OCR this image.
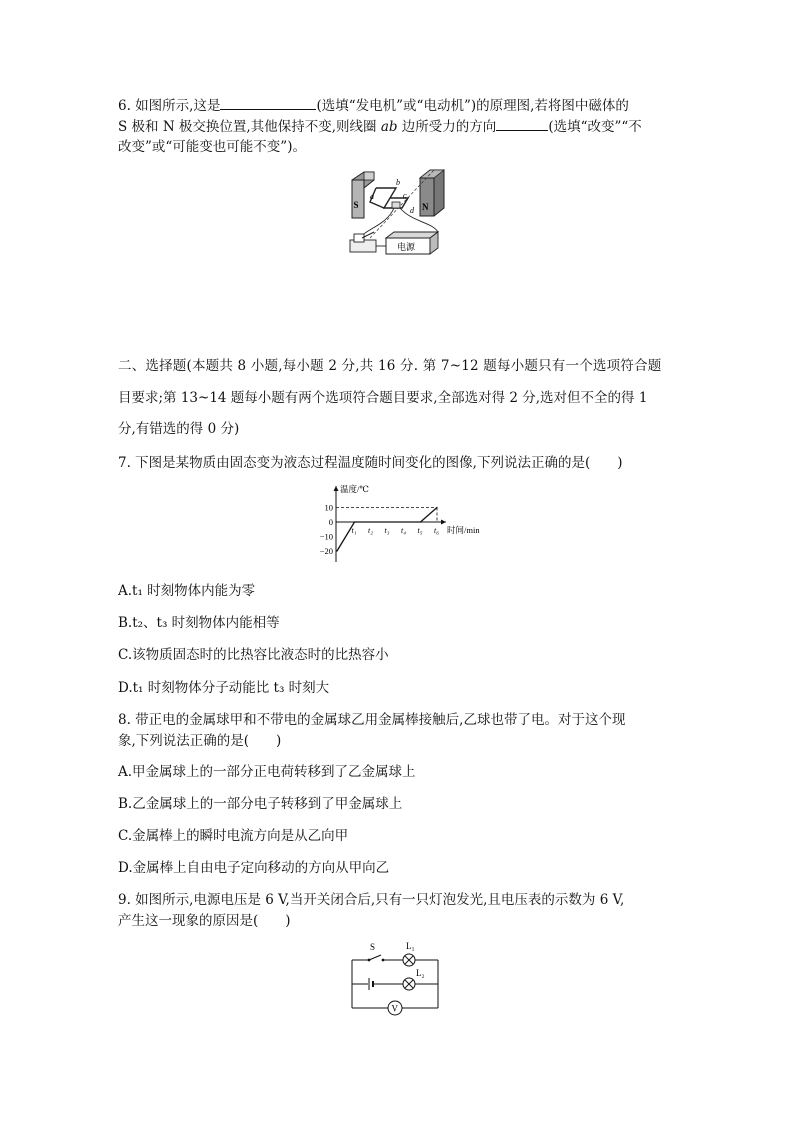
6. 如图所示,这是	(选填“发电机”或“电动机”)的原理图,若将图中磁体的
S 极和 N 极交换位置,其他保持不变,则线圈 ab 边所受力的方向	(选填“改变”“不
改变”或“可能变也可能不变”)。
S	N
a
b
c
d
电源
二、选择题(本题共 8 小题,每小题 2 分,共 16 分. 第 7~12 题每小题只有一个选项符合题
目要求;第 13~14 题每小题有两个选项符合题目要求,全部选对得 2 分,选对但不全的得 1
分,有错选的得 0 分)
7. 下图是某物质由固态变为液态过程温度随时间变化的图像,下列说法正确的是(　　)
温度/℃
时间/min
10
0
−10
−20
t₁ t₂ t₃ t₄ t₅ t₆
A.t₁ 时刻物体内能为零
B.t₂、t₃ 时刻物体内能相等
C.该物质固态时的比热容比液态时的比热容小
D.t₁ 时刻物体分子动能比 t₃ 时刻大
8. 带正电的金属球甲和不带电的金属球乙用金属棒接触后,乙球也带了电。对于这个现
象,下列说法正确的是(　　)
A.甲金属球上的一部分正电荷转移到了乙金属球上
B.乙金属球上的一部分电子转移到了甲金属球上
C.金属棒上的瞬时电流方向是从乙向甲
D.金属棒上自由电子定向移动的方向从甲向乙
9. 如图所示,电源电压是 6 V,当开关闭合后,只有一只灯泡发光,且电压表的示数为 6 V,
产生这一现象的原因是(　　)
S	L₁
L₂
V
